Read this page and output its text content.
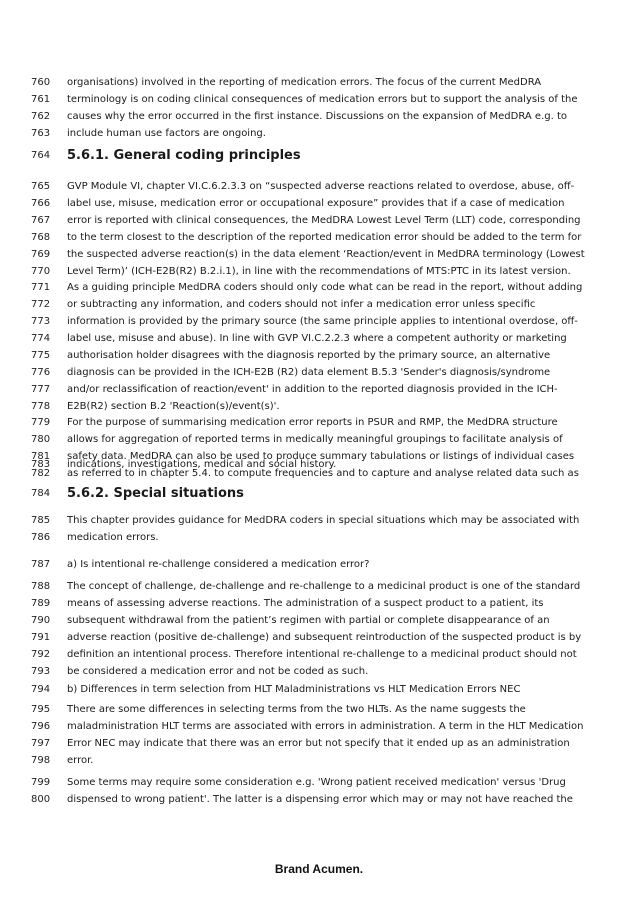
760	organisations) involved in the reporting of medication errors. The focus of the current MedDRA
761	terminology is on coding clinical consequences of medication errors but to support the analysis of the
762	causes why the error occurred in the first instance. Discussions on the expansion of MedDRA e.g. to
763	include human use factors are ongoing.
764	5.6.1. General coding principles
765	GVP Module VI, chapter VI.C.6.2.3.3 on “suspected adverse reactions related to overdose, abuse, off-
766	label use, misuse, medication error or occupational exposure” provides that if a case of medication
767	error is reported with clinical consequences, the MedDRA Lowest Level Term (LLT) code, corresponding
768	to the term closest to the description of the reported medication error should be added to the term for
769	the suspected adverse reaction(s) in the data element ‘Reaction/event in MedDRA terminology (Lowest
770	Level Term)’ (ICH-E2B(R2) B.2.i.1), in line with the recommendations of MTS:PTC in its latest version.
771	As a guiding principle MedDRA coders should only code what can be read in the report, without adding
772	or subtracting any information, and coders should not infer a medication error unless specific
773	information is provided by the primary source (the same principle applies to intentional overdose, off-
774	label use, misuse and abuse). In line with GVP VI.C.2.2.3 where a competent authority or marketing
775	authorisation holder disagrees with the diagnosis reported by the primary source, an alternative
776	diagnosis can be provided in the ICH-E2B (R2) data element B.5.3 'Sender's diagnosis/syndrome
777	and/or reclassification of reaction/event' in addition to the reported diagnosis provided in the ICH-
778	E2B(R2) section B.2 'Reaction(s)/event(s)'.
779	For the purpose of summarising medication error reports in PSUR and RMP, the MedDRA structure
780	allows for aggregation of reported terms in medically meaningful groupings to facilitate analysis of
781	safety data. MedDRA can also be used to produce summary tabulations or listings of individual cases
782	as referred to in chapter 5.4. to compute frequencies and to capture and analyse related data such as
783	indications, investigations, medical and social history.
784	5.6.2. Special situations
785	This chapter provides guidance for MedDRA coders in special situations which may be associated with
786	medication errors.
787	a) Is intentional re-challenge considered a medication error?
788	The concept of challenge, de-challenge and re-challenge to a medicinal product is one of the standard
789	means of assessing adverse reactions. The administration of a suspect product to a patient, its
790	subsequent withdrawal from the patient’s regimen with partial or complete disappearance of an
791	adverse reaction (positive de-challenge) and subsequent reintroduction of the suspected product is by
792	definition an intentional process. Therefore intentional re-challenge to a medicinal product should not
793	be considered a medication error and not be coded as such.
794	b) Differences in term selection from HLT Maladministrations vs HLT Medication Errors NEC
795	There are some differences in selecting terms from the two HLTs. As the name suggests the
796	maladministration HLT terms are associated with errors in administration. A term in the HLT Medication
797	Error NEC may indicate that there was an error but not specify that it ended up as an administration
798	error.
799	Some terms may require some consideration e.g. 'Wrong patient received medication' versus 'Drug
800	dispensed to wrong patient'. The latter is a dispensing error which may or may not have reached the
Brand Acumen.
